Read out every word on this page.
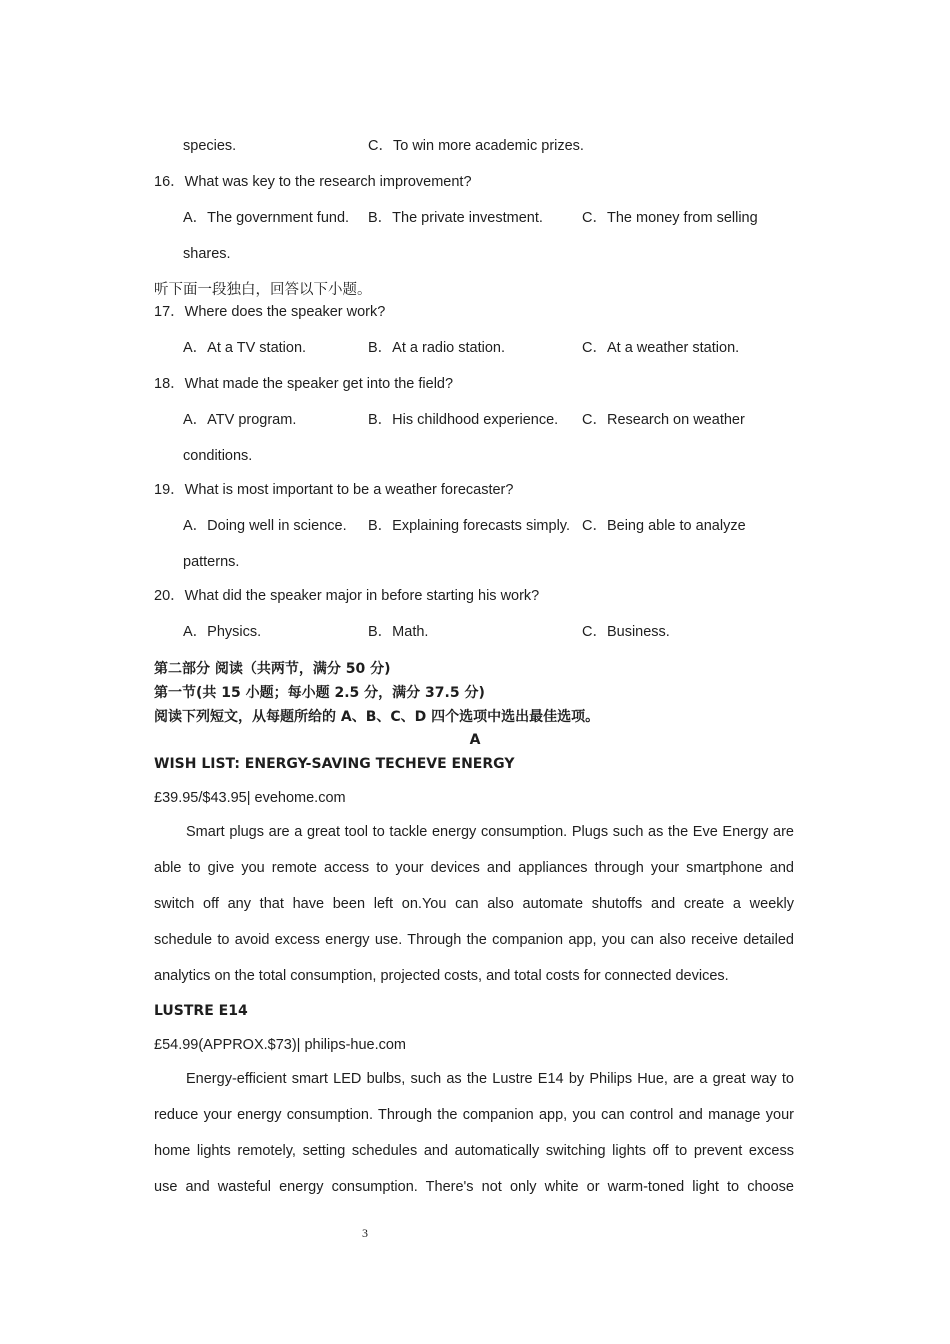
species.	C．To win more academic prizes.
16．What was key to the research improvement?
A．The government fund. B．The private investment.	C．The money from selling
shares.
听下面一段独白，回答以下小题。
17．Where does the speaker work?
A．At a TV station.	B．At a radio station.	C．At a weather station.
18．What made the speaker get into the field?
A．ATV program.	B．His childhood experience. C．Research on weather
conditions.
19．What is most important to be a weather forecaster?
A．Doing well in science. B．Explaining forecasts simply. C．Being able to analyze
patterns.
20．What did the speaker major in before starting his work?
A．Physics.	B．Math.	C．Business.
第二部分 阅读（共两节，满分 50 分)
第一节(共 15 小题；每小题 2.5 分，满分 37.5 分)
阅读下列短文，从每题所给的 A、B、C、D 四个选项中选出最佳选项。
A
WISH LIST: ENERGY-SAVING TECHEVE ENERGY
£39.95/$43.95| evehome.com
Smart plugs are a great tool to tackle energy consumption. Plugs such as the Eve Energy are
able to give you remote access to your devices and appliances through your smartphone and
switch off any that have been left on.You can also automate shutoffs and create a weekly
schedule to avoid excess energy use. Through the companion app, you can also receive detailed
analytics on the total consumption, projected costs, and total costs for connected devices.
LUSTRE E14
£54.99(APPROX.$73)| philips-hue.com
Energy-efficient smart LED bulbs, such as the Lustre E14 by Philips Hue, are a great way to
reduce your energy consumption. Through the companion app, you can control and manage your
home lights remotely, setting schedules and automatically switching lights off to prevent excess
use and wasteful energy consumption. There's not only white or warm-toned light to choose
3
